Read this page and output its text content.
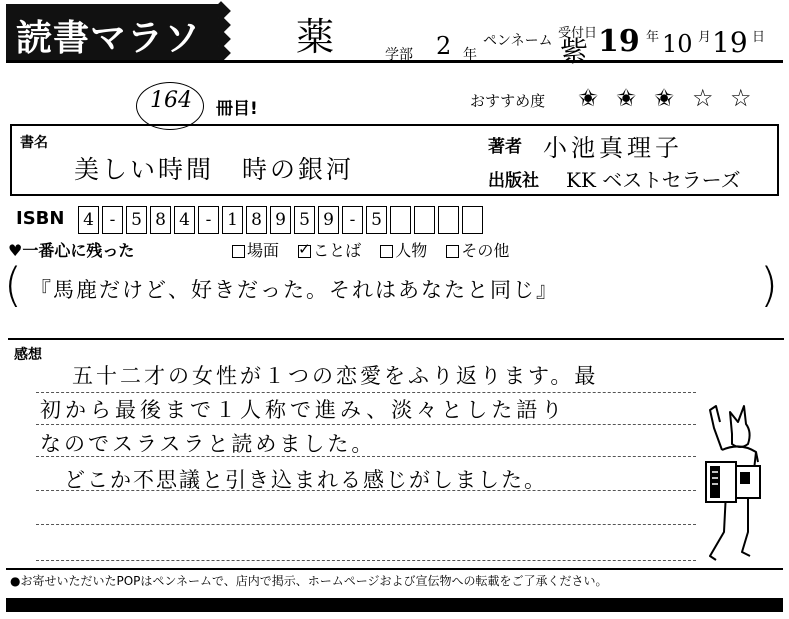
読書マラソン
薬	学部 2 年
ペンネーム 紫
受付日 19 年 10 月 19 日
164 冊目!	おすすめ度 ✬ ✬ ✬ ☆ ☆
書名
美しい時間　時の銀河
著者 小池真理子
出版社 KK ベストセラーズ
ISBN 4 - 5 8 4 - 1 8 9 5 9 - 5
♥一番心に残った	場面 ✓ ことば 人物 その他
( 『馬鹿だけど、好きだった。それはあなたと同じ』	)
感想
五十二才の女性が１つの恋愛をふり返ります。最
初から最後まで１人称で進み、淡々とした語り
なのでスラスラと読めました。
どこか不思議と引き込まれる感じがしました。
●お寄せいただいたPOPはペンネームで、店内で掲示、ホームページおよび宣伝物への転載をご了承ください。
